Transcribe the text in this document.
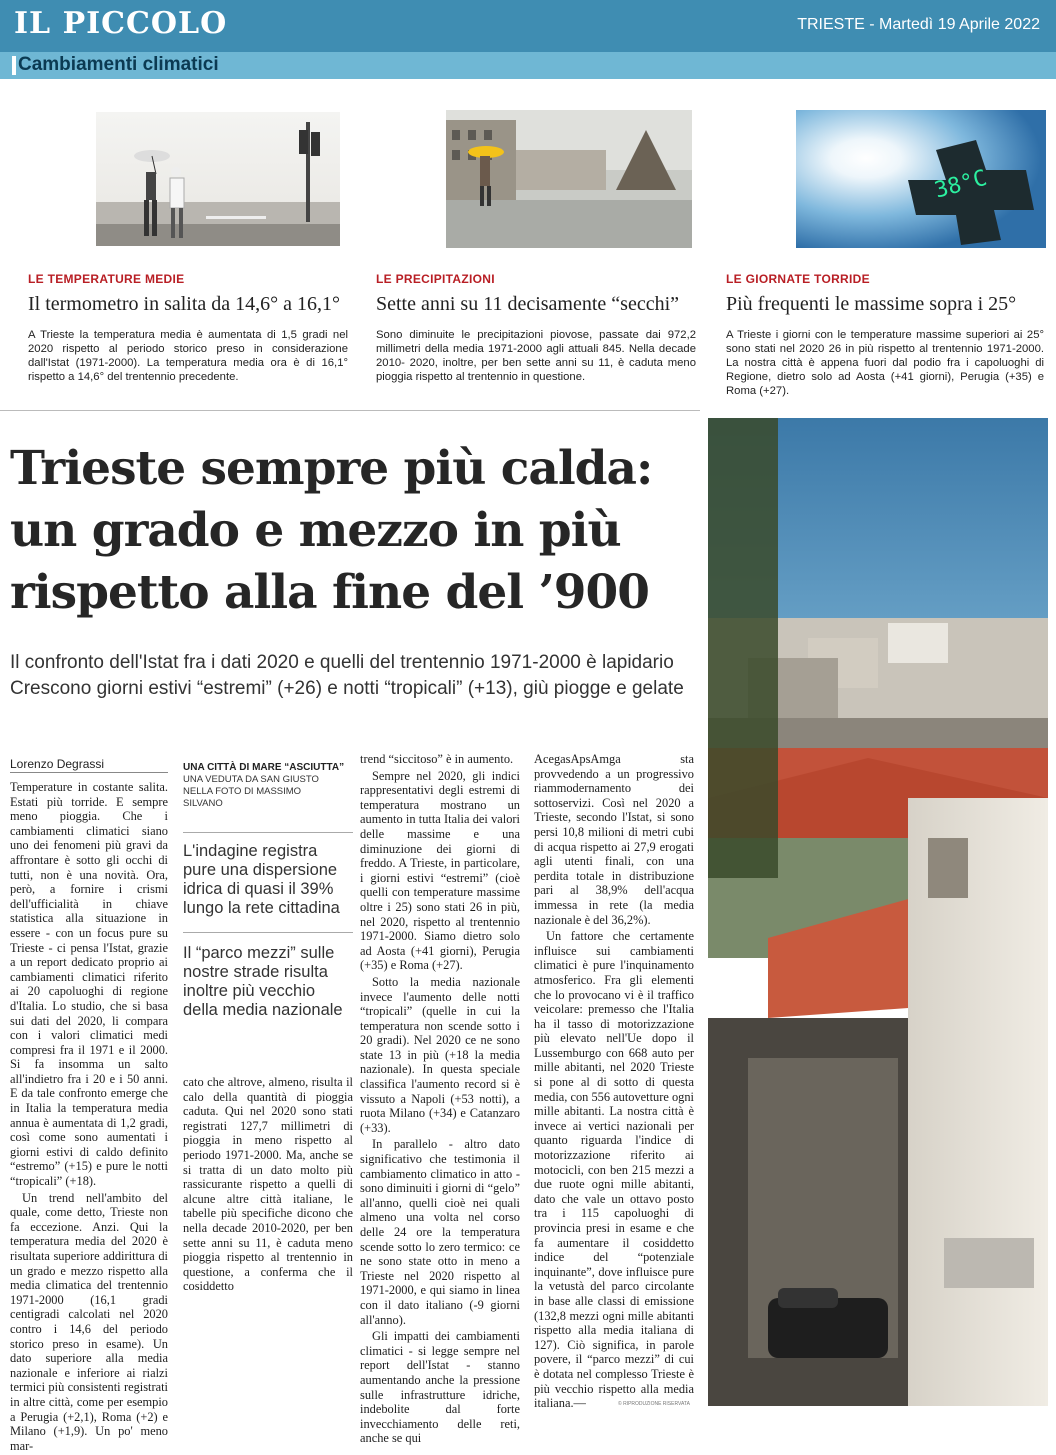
IL PICCOLO	TRIESTE - Martedì 19 Aprile 2022
Cambiamenti climatici
38°C
LE TEMPERATURE MEDIE
Il termometro in salita da 14,6° a 16,1°
A Trieste la temperatura media è aumentata di 1,5 gradi nel 2020 rispetto al periodo storico preso in considerazione dall'Istat (1971-2000). La temperatura media ora è di 16,1° rispetto a 14,6° del trentennio precedente.
LE PRECIPITAZIONI
Sette anni su 11 decisamente “secchi”
Sono diminuite le precipitazioni piovose, passate dai 972,2 millimetri della media 1971-2000 agli attuali 845. Nella decade 2010- 2020, inoltre, per ben sette anni su 11, è caduta meno pioggia rispetto al trentennio in questione.
LE GIORNATE TORRIDE
Più frequenti le massime sopra i 25°
A Trieste i giorni con le temperature massime superiori ai 25° sono stati nel 2020 26 in più rispetto al trentennio 1971-2000. La nostra città è appena fuori dal podio fra i capoluoghi di Regione, dietro solo ad Aosta (+41 giorni), Perugia (+35) e Roma (+27).
Trieste sempre più calda: un grado e mezzo in più rispetto alla fine del ’900
Il confronto dell'Istat fra i dati 2020 e quelli del trentennio 1971-2000 è lapidario
Crescono giorni estivi “estremi” (+26) e notti “tropicali” (+13), giù piogge e gelate
Lorenzo Degrassi	UNA CITTÀ DI MARE “ASCIUTTA”
UNA VEDUTA DA SAN GIUSTO NELLA FOTO DI MASSIMO SILVANO
L'indagine registra pure una dispersione idrica di quasi il 39% lungo la rete cittadina
Il “parco mezzi” sulle nostre strade risulta inoltre più vecchio della media nazionale

Temperature in costante salita. Estati più torride. E sempre meno pioggia. Che i cambiamenti climatici siano uno dei fenomeni più gravi da affrontare è sotto gli occhi di tutti, non è una novità. Ora, però, a fornire i crismi dell'ufficialità in chiave statistica alla situazione in essere - con un focus pure su Trieste - ci pensa l'Istat, grazie a un report dedicato proprio ai cambiamenti climatici riferito ai 20 capoluoghi di regione d'Italia. Lo studio, che si basa sui dati del 2020, li compara con i valori climatici medi compresi fra il 1971 e il 2000. Si fa insomma un salto all'indietro fra i 20 e i 50 anni. E da tale confronto emerge che in Italia la temperatura media annua è aumentata di 1,2 gradi, così come sono aumentati i giorni estivi di caldo definito “estremo” (+15) e pure le notti “tropicali” (+18).

Un trend nell'ambito del quale, come detto, Trieste non fa eccezione. Anzi. Qui la temperatura media del 2020 è risultata superiore addirittura di un grado e mezzo rispetto alla media climatica del trentennio 1971-2000 (16,1 gradi centigradi calcolati nel 2020 contro i 14,6 del periodo storico preso in esame). Un dato superiore alla media nazionale e inferiore ai rialzi termici più consistenti registrati in altre città, come per esempio a Perugia (+2,1), Roma (+2) e Milano (+1,9). Un po' meno mar-

cato che altrove, almeno, risulta il calo della quantità di pioggia caduta. Qui nel 2020 sono stati registrati 127,7 millimetri di pioggia in meno rispetto al periodo 1971-2000. Ma, anche se si tratta di un dato molto più rassicurante rispetto a quelli di alcune altre città italiane, le tabelle più specifiche dicono che nella decade 2010-2020, per ben sette anni su 11, è caduta meno pioggia rispetto al trentennio in questione, a conferma che il cosiddetto

trend “siccitoso” è in aumento.

Sempre nel 2020, gli indici rappresentativi degli estremi di temperatura mostrano un aumento in tutta Italia dei valori delle massime e una diminuzione dei giorni di freddo. A Trieste, in particolare, i giorni estivi “estremi” (cioè quelli con temperature massime oltre i 25) sono stati 26 in più, nel 2020, rispetto al trentennio 1971-2000. Siamo dietro solo ad Aosta (+41 giorni), Perugia (+35) e Roma (+27).

Sotto la media nazionale invece l'aumento delle notti “tropicali” (quelle in cui la temperatura non scende sotto i 20 gradi). Nel 2020 ce ne sono state 13 in più (+18 la media nazionale). In questa speciale classifica l'aumento record si è vissuto a Napoli (+53 notti), a ruota Milano (+34) e Catanzaro (+33).

In parallelo - altro dato significativo che testimonia il cambiamento climatico in atto - sono diminuiti i giorni di “gelo” all'anno, quelli cioè nei quali almeno una volta nel corso delle 24 ore la temperatura scende sotto lo zero termico: ce ne sono state otto in meno a Trieste nel 2020 rispetto al 1971-2000, e qui siamo in linea con il dato italiano (-9 giorni all'anno).

Gli impatti dei cambiamenti climatici - si legge sempre nel report dell'Istat - stanno aumentando anche la pressione sulle infrastrutture idriche, indebolite dal forte invecchiamento delle reti, anche se qui

AcegasApsAmga sta provvedendo a un progressivo riammodernamento dei sottoservizi. Così nel 2020 a Trieste, secondo l'Istat, si sono persi 10,8 milioni di metri cubi di acqua rispetto ai 27,9 erogati agli utenti finali, con una perdita totale in distribuzione pari al 38,9% dell'acqua immessa in rete (la media nazionale è del 36,2%).

Un fattore che certamente influisce sui cambiamenti climatici è pure l'inquinamento atmosferico. Fra gli elementi che lo provocano vi è il traffico veicolare: premesso che l'Italia ha il tasso di motorizzazione più elevato nell'Ue dopo il Lussemburgo con 668 auto per mille abitanti, nel 2020 Trieste si pone al di sotto di questa media, con 556 autovetture ogni mille abitanti. La nostra città è invece ai vertici nazionali per quanto riguarda l'indice di motorizzazione riferito ai motocicli, con ben 215 mezzi a due ruote ogni mille abitanti, dato che vale un ottavo posto tra i 115 capoluoghi di provincia presi in esame e che fa aumentare il cosiddetto indice del “potenziale inquinante”, dove influisce pure la vetustà del parco circolante in base alle classi di emissione (132,8 mezzi ogni mille abitanti rispetto alla media italiana di 127). Ciò significa, in parole povere, il “parco mezzi” di cui è dotata nel complesso Trieste è più vecchio rispetto alla media italiana.—	© RIPRODUZIONE RISERVATA
